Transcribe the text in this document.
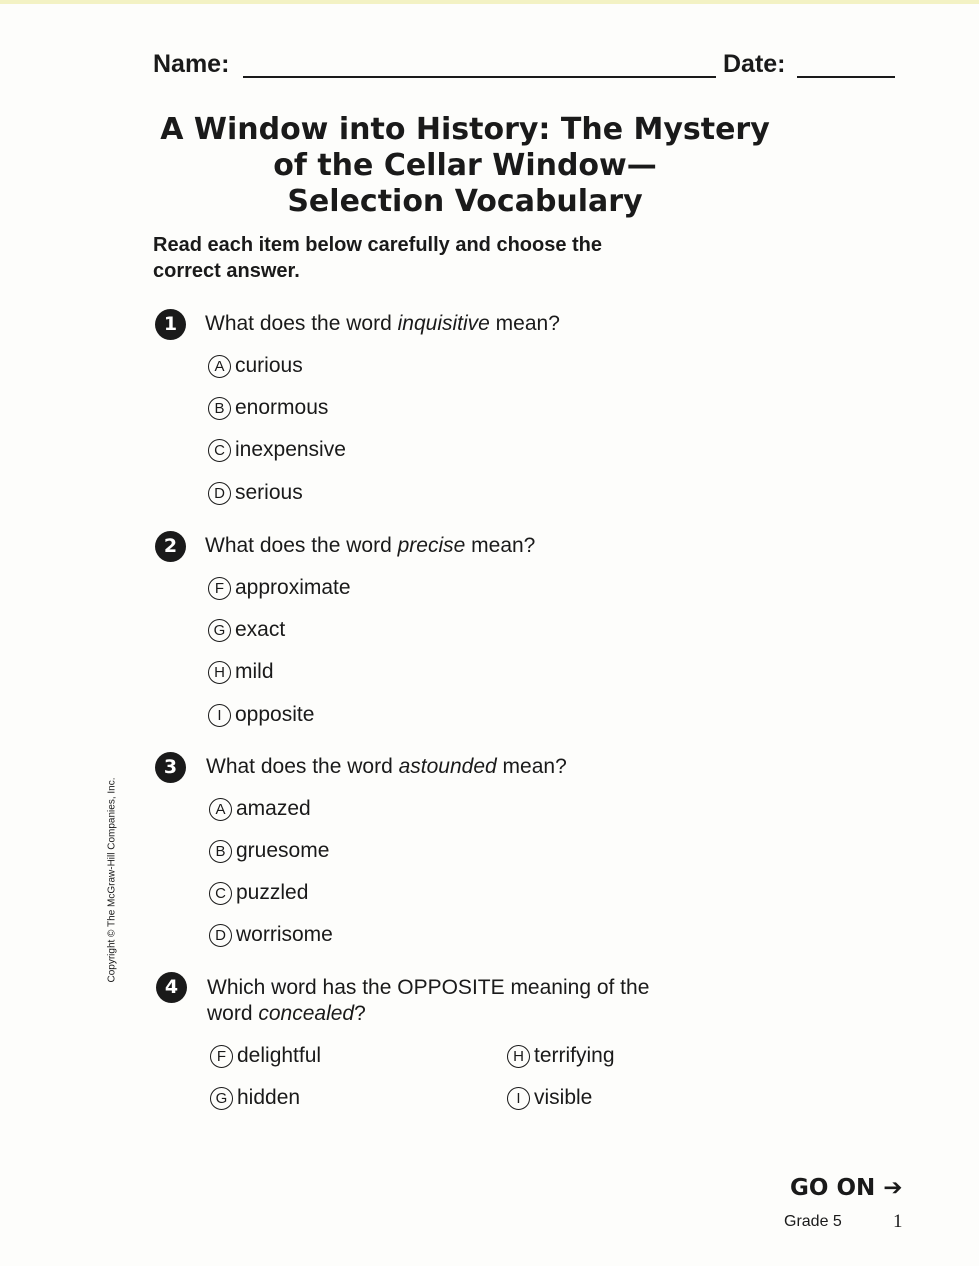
Name:	Date:
A Window into History: The Mystery
of the Cellar Window—
Selection Vocabulary
Read each item below carefully and choose the correct answer.
1	What does the word inquisitive mean?
A curious
B enormous
C inexpensive
D serious
2	What does the word precise mean?
F approximate
G exact
H mild
I opposite
3	What does the word astounded mean?
A amazed
B gruesome
C puzzled
D worrisome
4	Which word has the OPPOSITE meaning of the word concealed?
F delightful
G hidden
H terrifying
I visible
Copyright © The McGraw-Hill Companies, Inc.
GO ON ➔
Grade 5	1
